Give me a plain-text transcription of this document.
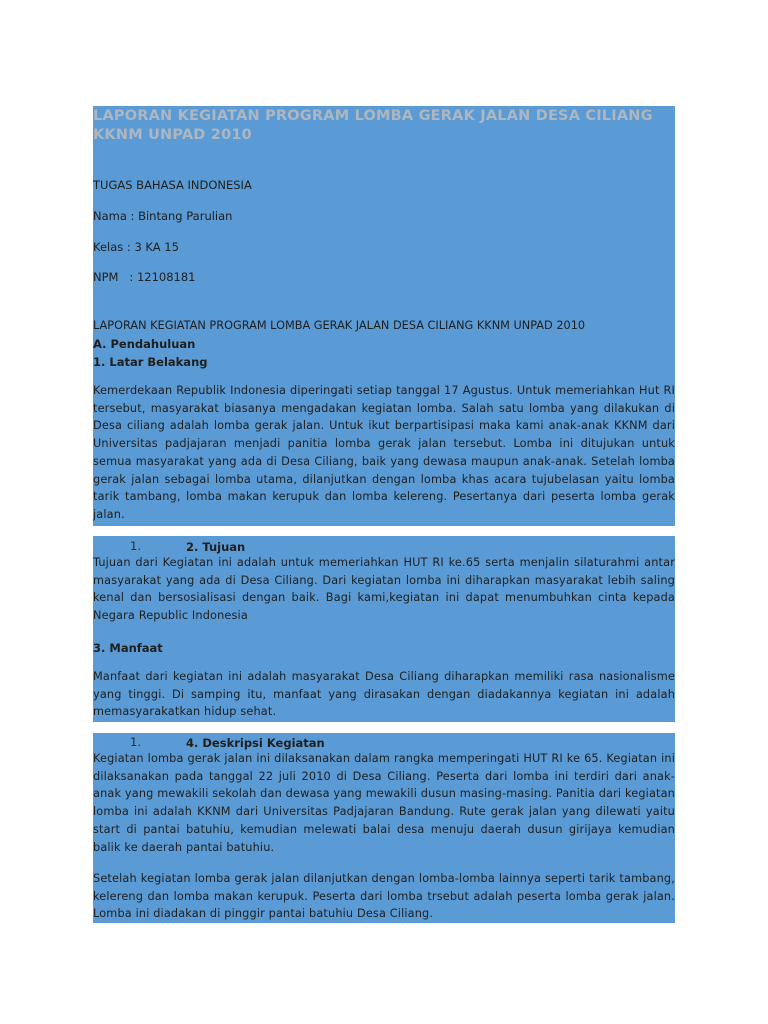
LAPORAN KEGIATAN PROGRAM LOMBA GERAK JALAN DESA CILIANG KKNM UNPAD 2010
TUGAS BAHASA INDONESIA
Nama : Bintang Parulian
Kelas : 3 KA 15
NPM   : 12108181
LAPORAN KEGIATAN PROGRAM LOMBA GERAK JALAN DESA CILIANG KKNM UNPAD 2010
A. Pendahuluan
1. Latar Belakang

Kemerdekaan Republik Indonesia diperingati setiap tanggal 17 Agustus. Untuk memeriahkan Hut RI tersebut, masyarakat biasanya mengadakan kegiatan lomba. Salah satu lomba yang dilakukan di Desa ciliang adalah lomba gerak jalan. Untuk ikut berpartisipasi maka kami anak-anak KKNM dari Universitas padjajaran menjadi panitia lomba gerak jalan tersebut. Lomba ini ditujukan untuk semua masyarakat yang ada di Desa Ciliang, baik yang dewasa maupun anak-anak. Setelah lomba gerak jalan sebagai lomba utama, dilanjutkan dengan lomba khas acara tujubelasan yaitu lomba tarik tambang, lomba makan kerupuk dan lomba kelereng. Pesertanya dari peserta lomba gerak jalan.

1.	2. Tujuan

Tujuan dari Kegiatan ini adalah untuk memeriahkan HUT RI ke.65 serta menjalin silaturahmi antar masyarakat yang ada di Desa Ciliang. Dari kegiatan lomba ini diharapkan masyarakat lebih saling kenal dan bersosialisasi dengan baik. Bagi kami,kegiatan ini dapat menumbuhkan cinta kepada Negara Republic Indonesia

3. Manfaat

Manfaat dari kegiatan ini adalah masyarakat Desa Ciliang diharapkan memiliki rasa nasionalisme yang tinggi. Di samping itu, manfaat yang dirasakan dengan diadakannya kegiatan ini adalah memasyarakatkan hidup sehat.

1.	4. Deskripsi Kegiatan

Kegiatan lomba gerak jalan ini dilaksanakan dalam rangka memperingati HUT RI ke 65. Kegiatan ini dilaksanakan pada tanggal 22 juli 2010 di Desa Ciliang. Peserta dari lomba ini terdiri dari anak-anak yang mewakili sekolah dan dewasa yang mewakili dusun masing-masing. Panitia dari kegiatan lomba ini adalah KKNM dari Universitas Padjajaran Bandung. Rute gerak jalan yang dilewati yaitu start di pantai batuhiu, kemudian melewati balai desa menuju daerah dusun girijaya kemudian balik ke daerah pantai batuhiu.

Setelah kegiatan lomba gerak jalan dilanjutkan dengan lomba-lomba lainnya seperti tarik tambang, kelereng dan lomba makan kerupuk. Peserta dari lomba trsebut adalah peserta lomba gerak jalan. Lomba ini diadakan di pinggir pantai batuhiu Desa Ciliang.
